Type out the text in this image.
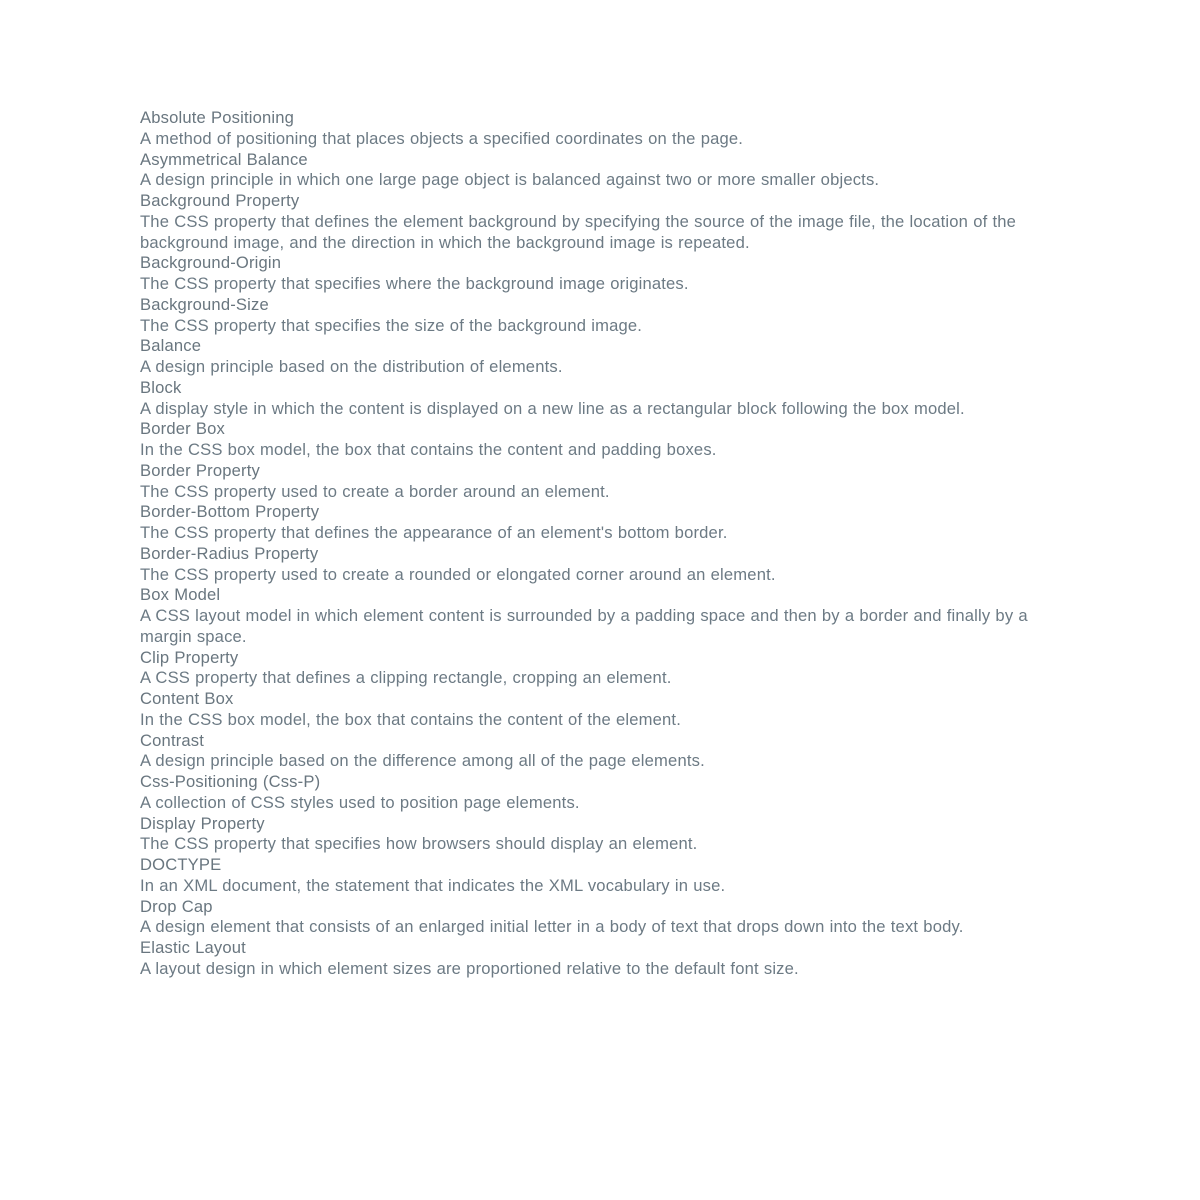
Absolute Positioning

A method of positioning that places objects a specified coordinates on the page.

Asymmetrical Balance

A design principle in which one large page object is balanced against two or more smaller objects.

Background Property

The CSS property that defines the element background by specifying the source of the image file, the location of the background image, and the direction in which the background image is repeated.

Background-Origin

The CSS property that specifies where the background image originates.

Background-Size

The CSS property that specifies the size of the background image.

Balance

A design principle based on the distribution of elements.

Block

A display style in which the content is displayed on a new line as a rectangular block following the box model.

Border Box

In the CSS box model, the box that contains the content and padding boxes.

Border Property

The CSS property used to create a border around an element.

Border-Bottom Property

The CSS property that defines the appearance of an element's bottom border.

Border-Radius Property

The CSS property used to create a rounded or elongated corner around an element.

Box Model

A CSS layout model in which element content is surrounded by a padding space and then by a border and finally by a margin space.

Clip Property

A CSS property that defines a clipping rectangle, cropping an element.

Content Box

In the CSS box model, the box that contains the content of the element.

Contrast

A design principle based on the difference among all of the page elements.

Css-Positioning (Css-P)

A collection of CSS styles used to position page elements.

Display Property

The CSS property that specifies how browsers should display an element.

DOCTYPE

In an XML document, the statement that indicates the XML vocabulary in use.

Drop Cap

A design element that consists of an enlarged initial letter in a body of text that drops down into the text body.

Elastic Layout

A layout design in which element sizes are proportioned relative to the default font size.
